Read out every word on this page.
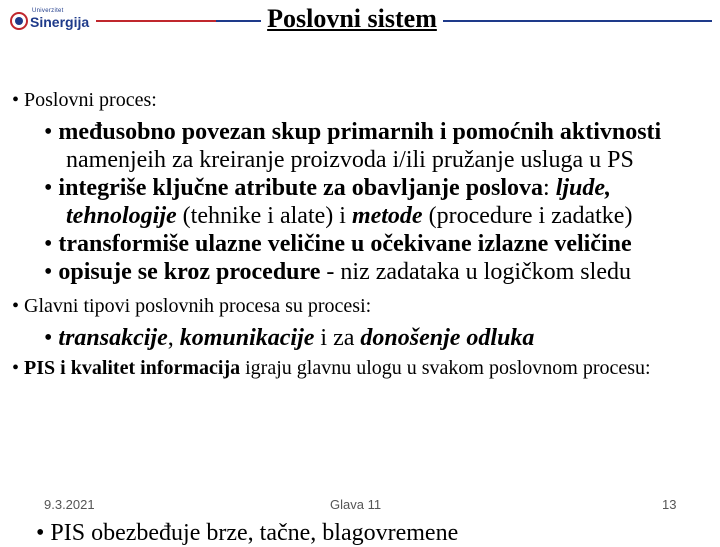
Univerzitet
Sinergija	Poslovni sistem
• Poslovni proces:
• međusobno povezan skup primarnih i pomoćnih aktivnosti namenjeih za kreiranje proizvoda i/ili pružanje usluga u PS
• integriše ključne atribute za obavljanje poslova: ljude, tehnologije (tehnike i alate) i metode (procedure i zadatke)
• transformiše ulazne veličine u očekivane izlazne veličine
• opisuje se kroz procedure - niz zadataka u logičkom sledu
• Glavni tipovi poslovnih procesa su procesi:
• transakcije, komunikacije i za donošenje odluka
• PIS i kvalitet informacija igraju glavnu ulogu u svakom poslovnom procesu:
9.3.2021	Glava 11	13
• PIS obezbeđuje brze, tačne, blagovremene
